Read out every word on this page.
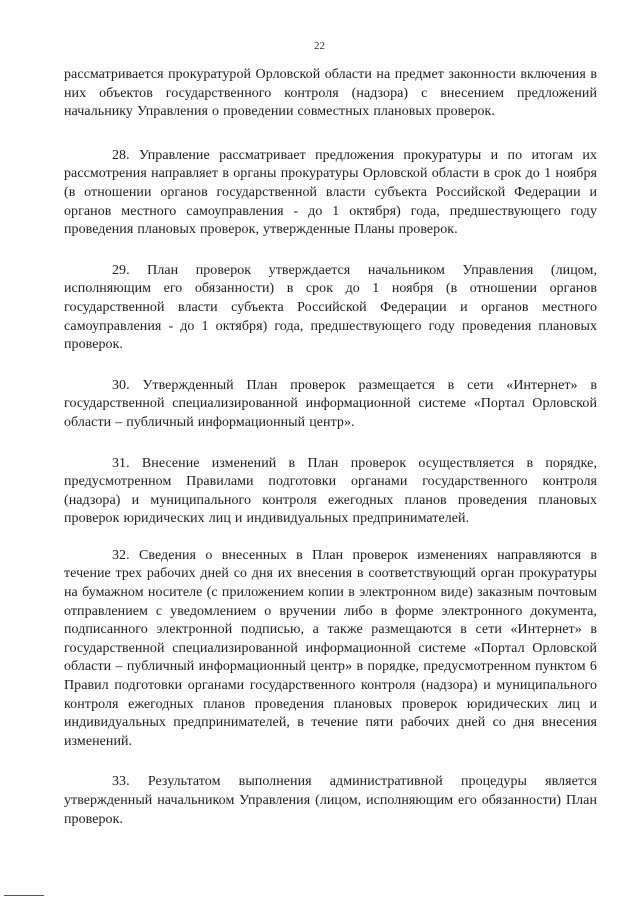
22

рассматривается прокуратурой Орловской области на предмет законности включения в них объектов государственного контроля (надзора) с внесением предложений начальнику Управления о проведении совместных плановых проверок.

28. Управление рассматривает предложения прокуратуры и по итогам их рассмотрения направляет в органы прокуратуры Орловской области в срок до 1 ноября (в отношении органов государственной власти субъекта Российской Федерации и органов местного самоуправления - до 1 октября) года, предшествующего году проведения плановых проверок, утвержденные Планы проверок.

29. План проверок утверждается начальником Управления (лицом, исполняющим его обязанности) в срок до 1 ноября (в отношении органов государственной власти субъекта Российской Федерации и органов местного самоуправления - до 1 октября) года, предшествующего году проведения плановых проверок.

30. Утвержденный План проверок размещается в сети «Интернет» в государственной специализированной информационной системе «Портал Орловской области – публичный информационный центр».

31. Внесение изменений в План проверок осуществляется в порядке, предусмотренном Правилами подготовки органами государственного контроля (надзора) и муниципального контроля ежегодных планов проведения плановых проверок юридических лиц и индивидуальных предпринимателей.

32. Сведения о внесенных в План проверок изменениях направляются в течение трех рабочих дней со дня их внесения в соответствующий орган прокуратуры на бумажном носителе (с приложением копии в электронном виде) заказным почтовым отправлением с уведомлением о вручении либо в форме электронного документа, подписанного электронной подписью, а также размещаются в сети «Интернет» в государственной специализированной информационной системе «Портал Орловской области – публичный информационный центр» в порядке, предусмотренном пунктом 6 Правил подготовки органами государственного контроля (надзора) и муниципального контроля ежегодных планов проведения плановых проверок юридических лиц и индивидуальных предпринимателей, в течение пяти рабочих дней со дня внесения изменений.

33. Результатом выполнения административной процедуры является утвержденный начальником Управления (лицом, исполняющим его обязанности) План проверок.
